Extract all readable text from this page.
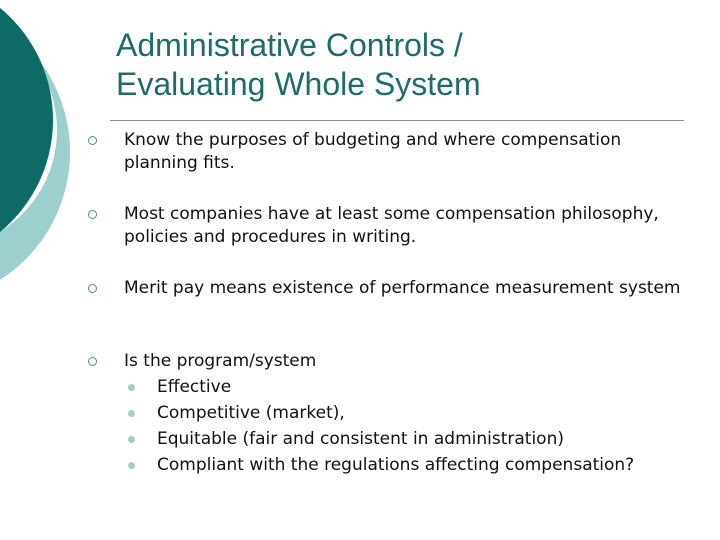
Administrative Controls /
Evaluating Whole System
Know the purposes of budgeting and where compensation planning fits.
Most companies have at least some compensation philosophy, policies and procedures in writing.
Merit pay means existence of performance measurement system
Is the program/system
Effective
Competitive (market),
Equitable (fair and consistent in administration)
Compliant with the regulations affecting compensation?
